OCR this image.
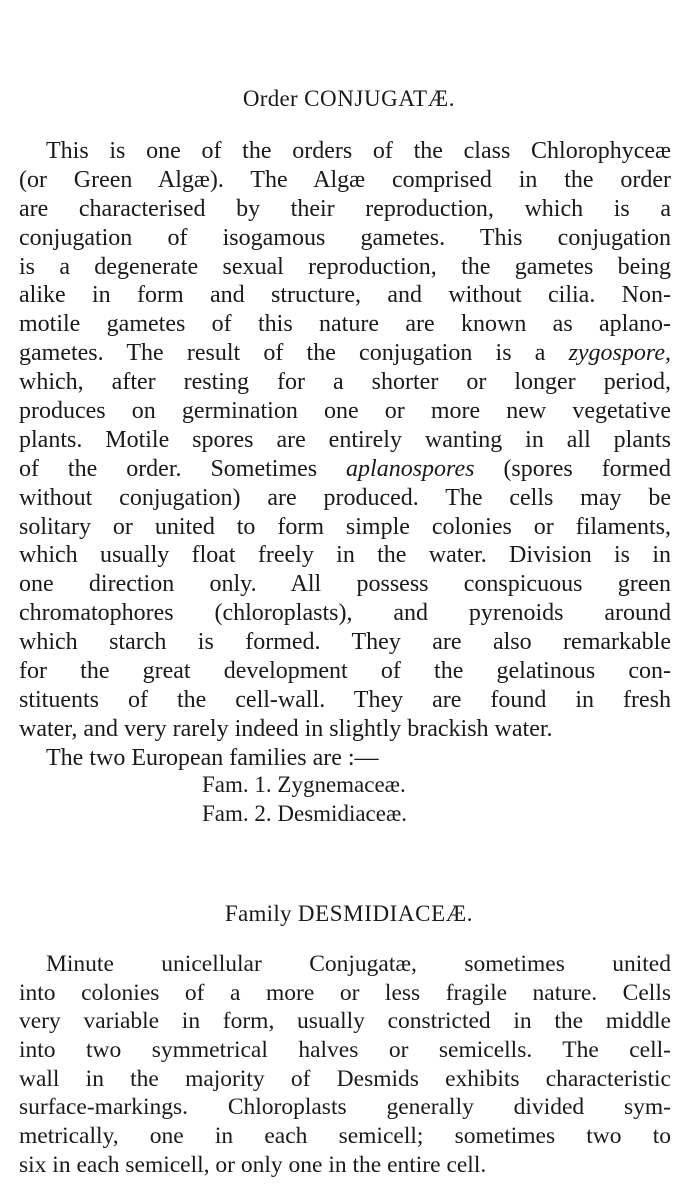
Order CONJUGATÆ.
This is one of the orders of the class Chlorophyceæ
(or Green Algæ). The Algæ comprised in the order
are characterised by their reproduction, which is a
conjugation of isogamous gametes. This conjugation
is a degenerate sexual reproduction, the gametes being
alike in form and structure, and without cilia. Non-
motile gametes of this nature are known as aplano-
gametes. The result of the conjugation is a zygospore,
which, after resting for a shorter or longer period,
produces on germination one or more new vegetative
plants. Motile spores are entirely wanting in all plants
of the order. Sometimes aplanospores (spores formed
without conjugation) are produced. The cells may be
solitary or united to form simple colonies or filaments,
which usually float freely in the water. Division is in
one direction only. All possess conspicuous green
chromatophores (chloroplasts), and pyrenoids around
which starch is formed. They are also remarkable
for the great development of the gelatinous con-
stituents of the cell-wall. They are found in fresh
water, and very rarely indeed in slightly brackish water.
The two European families are :—
Fam. 1. Zygnemaceæ.
Fam. 2. Desmidiaceæ.
Family DESMIDIACEÆ.
Minute unicellular Conjugatæ, sometimes united
into colonies of a more or less fragile nature. Cells
very variable in form, usually constricted in the middle
into two symmetrical halves or semicells. The cell-
wall in the majority of Desmids exhibits characteristic
surface-markings. Chloroplasts generally divided sym-
metrically, one in each semicell; sometimes two to
six in each semicell, or only one in the entire cell.
